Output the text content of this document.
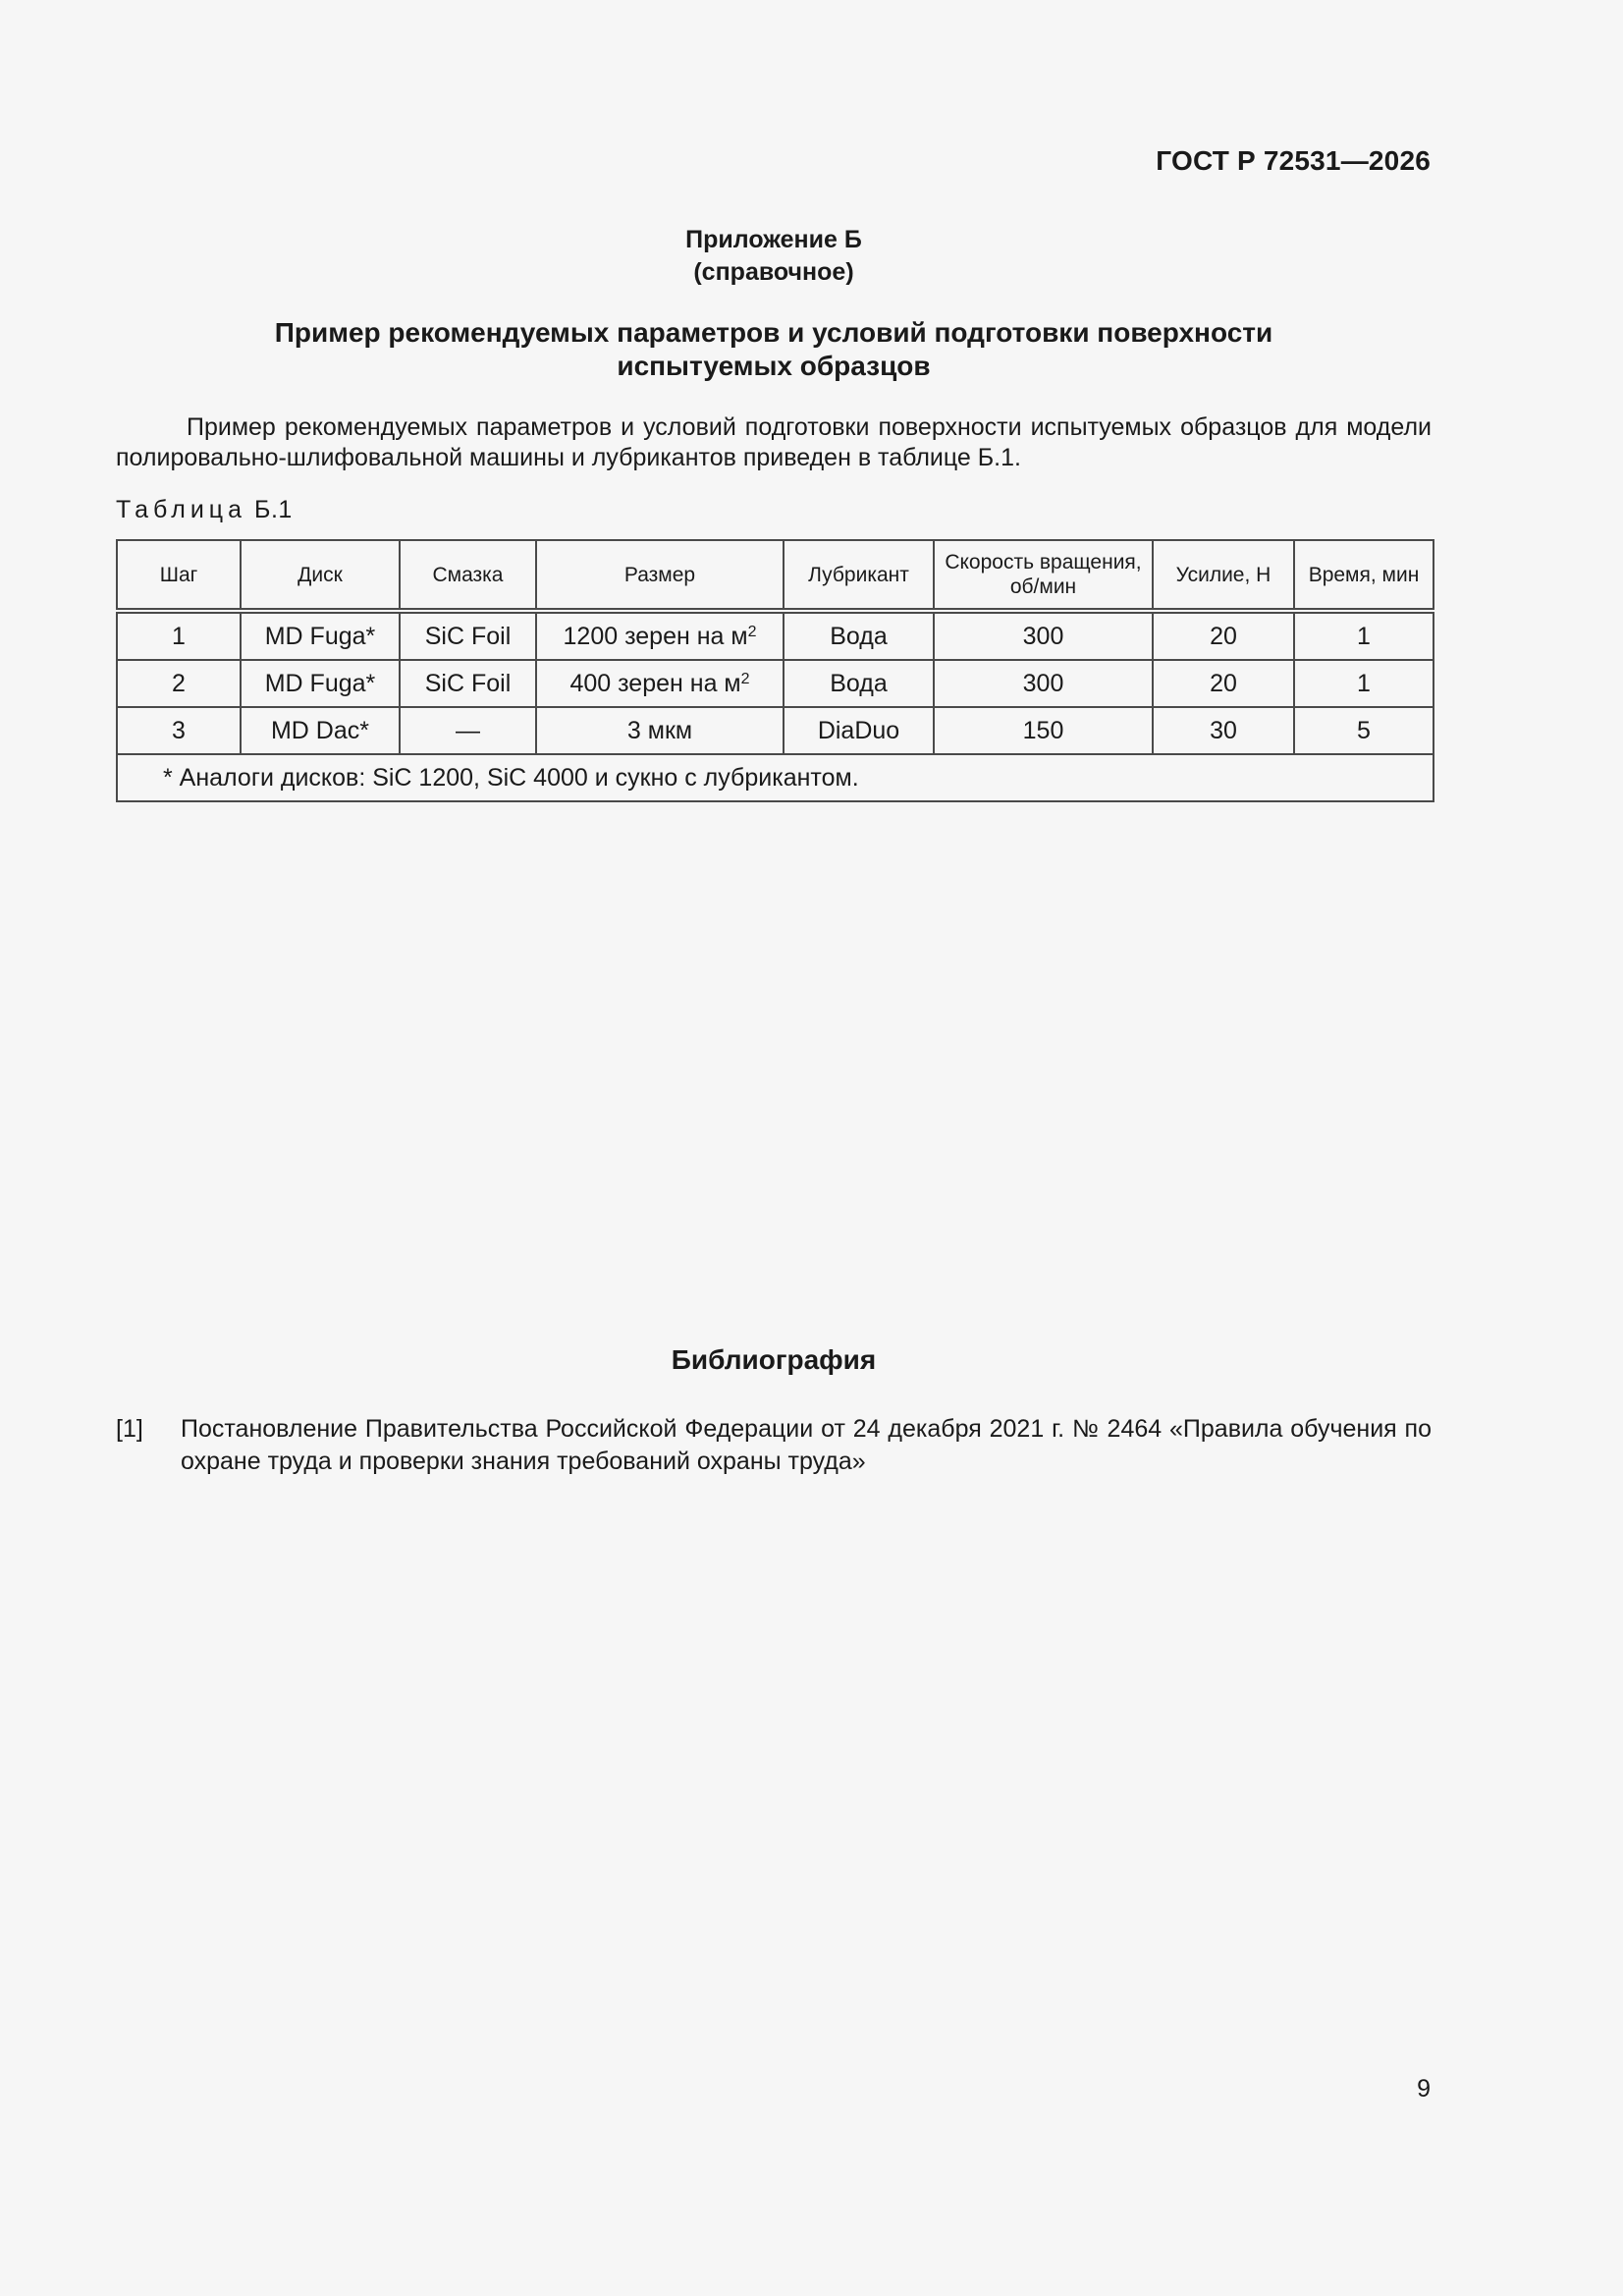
ГОСТ Р 72531—2026
Приложение Б
(справочное)
Пример рекомендуемых параметров и условий подготовки поверхности
испытуемых образцов

Пример рекомендуемых параметров и условий подготовки поверхности испытуемых образцов для модели полировально-шлифовальной машины и лубрикантов приведен в таблице Б.1.

Таблица Б.1
Шаг	Диск	Смазка	Размер	Лубрикант	Скорость вращения, об/мин	Усилие, Н	Время, мин
1	MD Fuga*	SiC Foil	1200 зерен на $м^2$	Вода	300	20	1
2	MD Fuga*	SiC Foil	400 зерен на $м^2$	Вода	300	20	1
3	MD Dac*	—	3 мкм	DiaDuo	150	30	5
* Аналоги дисков: SiC 1200, SiC 4000 и сукно с лубрикантом.							
Библиография
[1] Постановление Правительства Российской Федерации от 24 декабря 2021 г. № 2464 «Правила обучения по охране труда и проверки знания требований охраны труда»
9
